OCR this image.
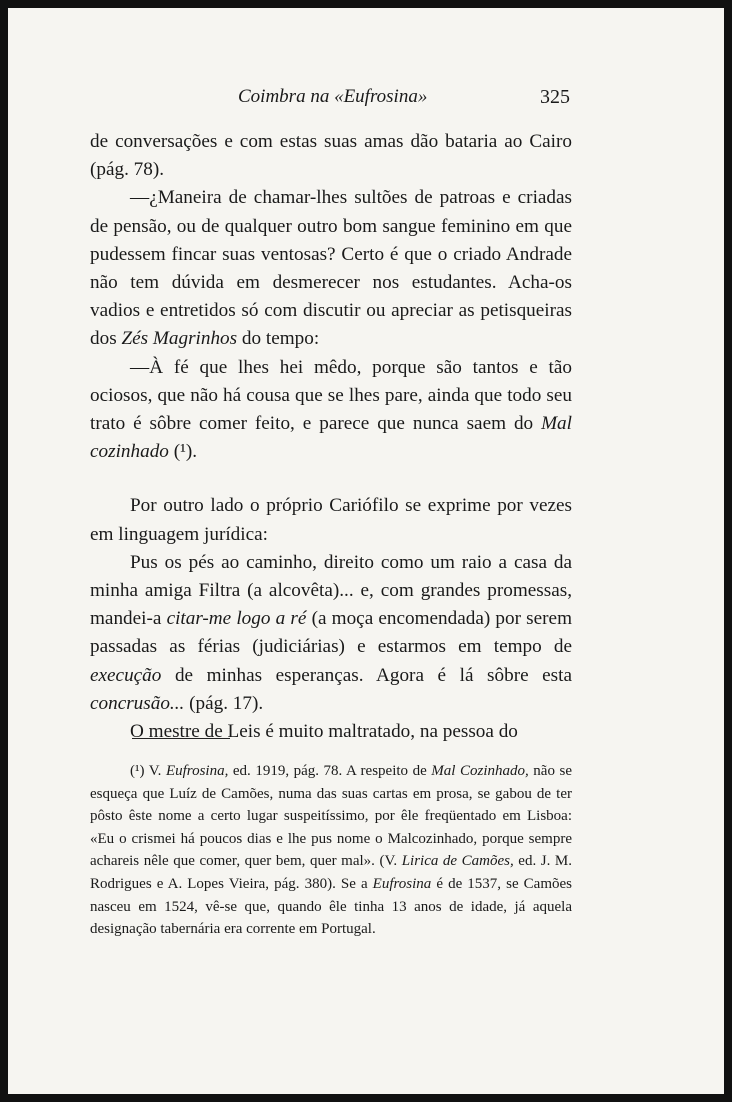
Coimbra na «Eufrosina»	325

de conversações e com estas suas amas dão bataria ao Cairo (pág. 78).

—¿Maneira de chamar-lhes sultões de patroas e criadas de pensão, ou de qualquer outro bom sangue feminino em que pudessem fincar suas ventosas? Certo é que o criado Andrade não tem dúvida em desmerecer nos estudantes. Acha-os vadios e entretidos só com discutir ou apreciar as petisqueiras dos Zés Magrinhos do tempo:

—À fé que lhes hei mêdo, porque são tantos e tão ociosos, que não há cousa que se lhes pare, ainda que todo seu trato é sôbre comer feito, e parece que nunca saem do Mal cozinhado (¹).

Por outro lado o próprio Cariófilo se exprime por vezes em linguagem jurídica:

Pus os pés ao caminho, direito como um raio a casa da minha amiga Filtra (a alcovêta)... e, com grandes promessas, mandei-a citar-me logo a ré (a moça encomendada) por serem passadas as férias (judiciárias) e estarmos em tempo de execução de minhas esperanças. Agora é lá sôbre esta concrusão... (pág. 17).

O mestre de Leis é muito maltratado, na pessoa do

(¹) V. Eufrosina, ed. 1919, pág. 78. A respeito de Mal Cozinhado, não se esqueça que Luíz de Camões, numa das suas cartas em prosa, se gabou de ter pôsto êste nome a certo lugar suspeitíssimo, por êle freqüentado em Lisboa: «Eu o crismei há poucos dias e lhe pus nome o Malcozinhado, porque sempre achareis nêle que comer, quer bem, quer mal». (V. Lirica de Camões, ed. J. M. Rodrigues e A. Lopes Vieira, pág. 380). Se a Eufrosina é de 1537, se Camões nasceu em 1524, vê-se que, quando êle tinha 13 anos de idade, já aquela designação tabernária era corrente em Portugal.
